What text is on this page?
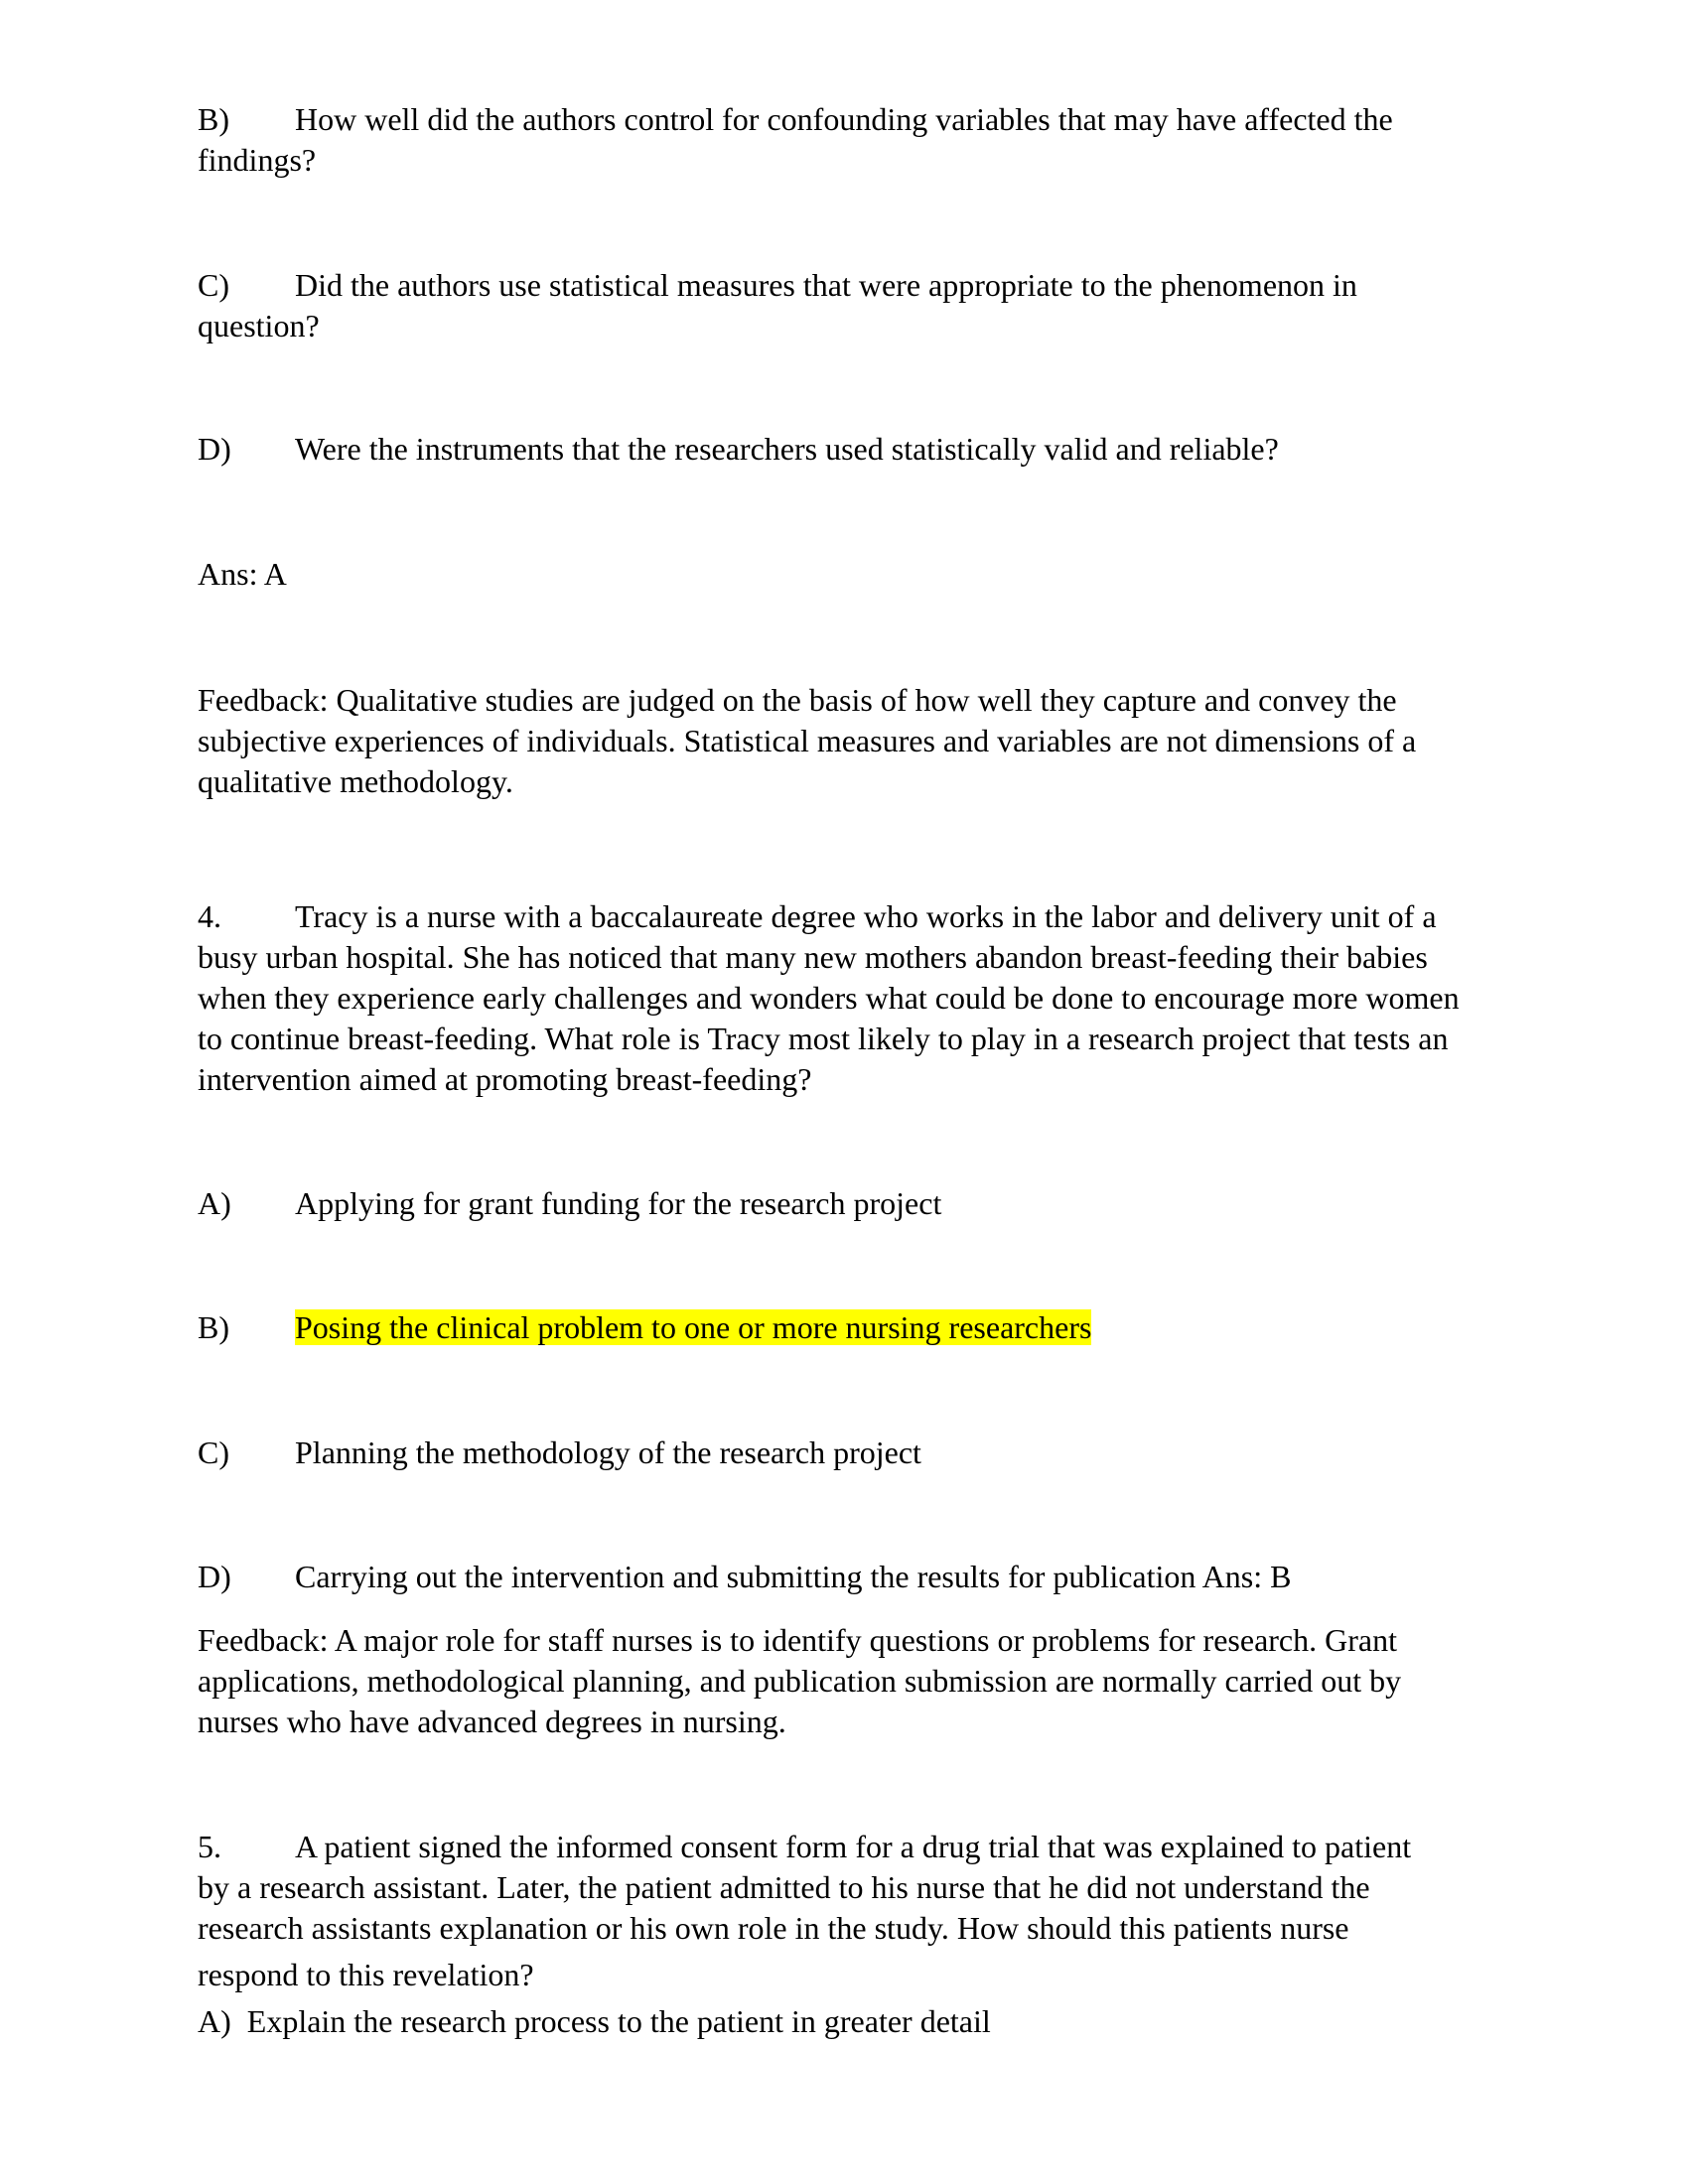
B) How well did the authors control for confounding variables that may have affected the findings?
C) Did the authors use statistical measures that were appropriate to the phenomenon in question?
D) Were the instruments that the researchers used statistically valid and reliable?
Ans: A
Feedback: Qualitative studies are judged on the basis of how well they capture and convey the subjective experiences of individuals. Statistical measures and variables are not dimensions of a qualitative methodology.
4. Tracy is a nurse with a baccalaureate degree who works in the labor and delivery unit of a busy urban hospital. She has noticed that many new mothers abandon breast-feeding their babies when they experience early challenges and wonders what could be done to encourage more women to continue breast-feeding. What role is Tracy most likely to play in a research project that tests an intervention aimed at promoting breast-feeding?
A) Applying for grant funding for the research project
B) Posing the clinical problem to one or more nursing researchers
C) Planning the methodology of the research project
D) Carrying out the intervention and submitting the results for publication Ans: B
Feedback: A major role for staff nurses is to identify questions or problems for research. Grant applications, methodological planning, and publication submission are normally carried out by nurses who have advanced degrees in nursing.
5. A patient signed the informed consent form for a drug trial that was explained to patient
by a research assistant. Later, the patient admitted to his nurse that he did not understand the
research assistants explanation or his own role in the study. How should this patients nurse
respond to this revelation?
A)  Explain the research process to the patient in greater detail
